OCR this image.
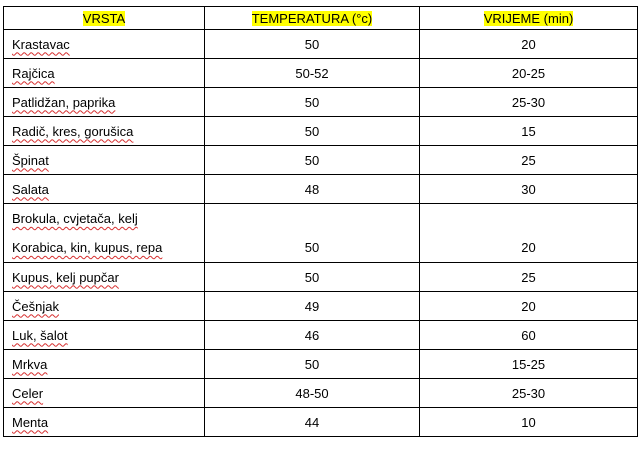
VRSTA	TEMPERATURA (°c)	VRIJEME (min)
Krastavac	50	20
Rajčica	50-52	20-25
Patlidžan, paprika	50	25-30
Radič, kres, gorušica	50	15
Špinat	50	25
Salata	48	30

Brokula, cvjetača, kelj
Korabica, kin, kupus, repa	50	20

Kupus, kelj pupčar	50	25
Češnjak	49	20
Luk, šalot	46	60
Mrkva	50	15-25
Celer	48-50	25-30
Menta	44	10
